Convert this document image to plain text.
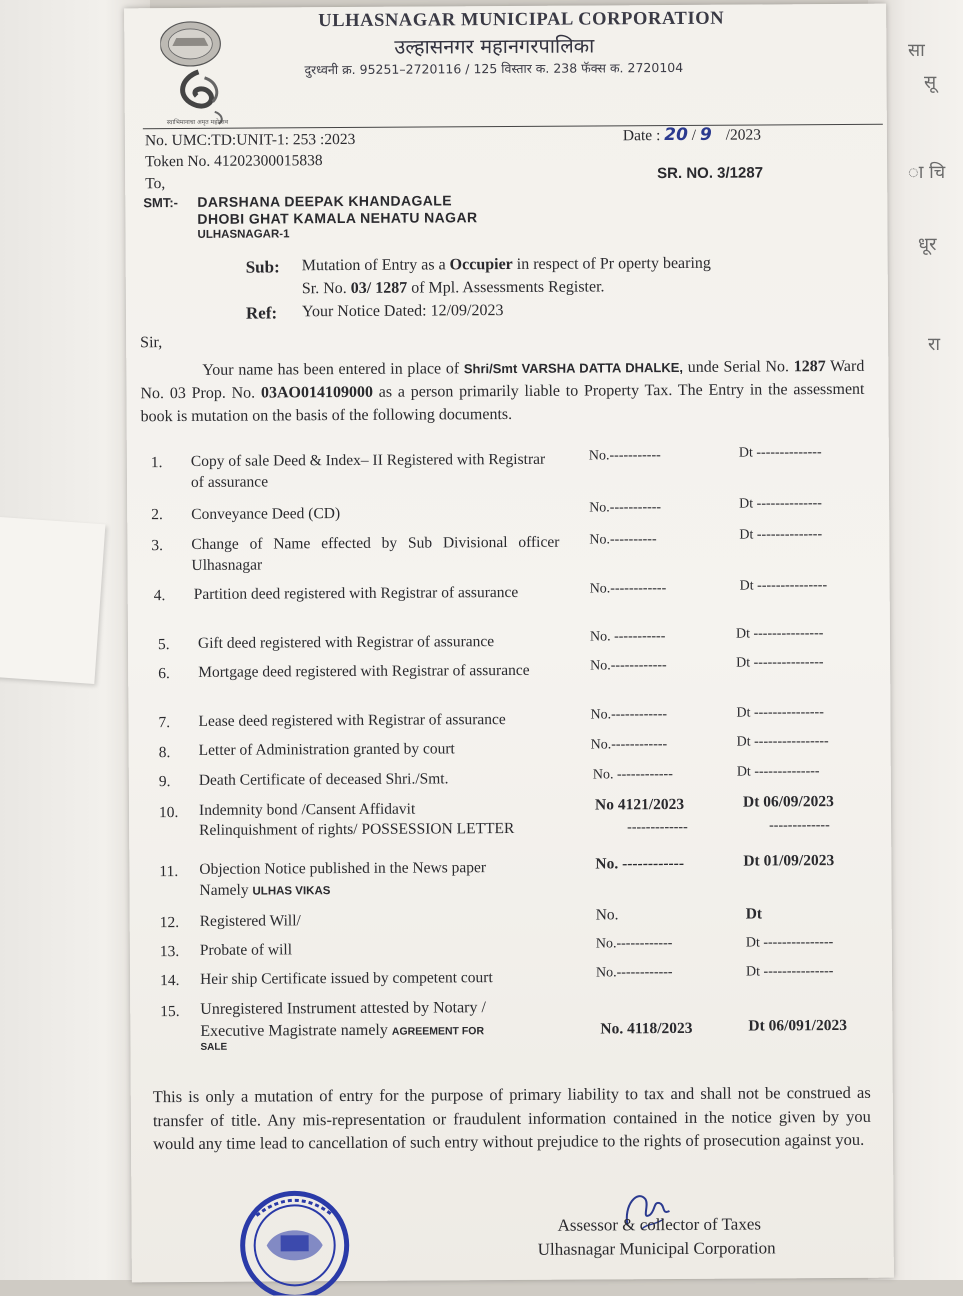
सा
सू
ा चि
धूर
रा
स्वाभिमानाचा अमृत महोत्सव
ULHASNAGAR MUNICIPAL CORPORATION
उल्हासनगर महानगरपालिका
दुरध्वनी क्र. 95251–2720116 / 125 विस्तार क. 238 फॅक्स क. 2720104
No. UMC:TD:UNIT-1: 253 :2023
Token No. 41202300015838
Date : 20 / 9 /2023
SR. NO. 3/1287
To,
SMT:- DARSHANA DEEPAK KHANDAGALE
DHOBI GHAT KAMALA NEHATU NAGAR
ULHASNAGAR-1
Sub: Mutation of Entry as a Occupier in respect of Pr operty bearing
Sr. No. 03/ 1287 of Mpl. Assessments Register.
Ref: Your Notice Dated: 12/09/2023
Sir,
Your name has been entered in place of Shri/Smt VARSHA DATTA DHALKE, unde Serial No. 1287 Ward No. 03 Prop. No. 03AO014109000 as a person primarily liable to Property Tax. The Entry in the assessment book is mutation on the basis of the following documents.
1. Copy of sale Deed & Index– II Registered with Registrar of assurance
No.-----------	Dt --------------
2. Conveyance Deed (CD)	No.-----------	Dt --------------
3. Change of Name effected by Sub Divisional officer Ulhasnagar
No.----------	Dt --------------
4. Partition deed registered with Registrar of assurance	No.------------	Dt ---------------
5. Gift deed registered with Registrar of assurance	No. -----------	Dt ---------------
6. Mortgage deed registered with Registrar of assurance	No.------------	Dt ---------------
7. Lease deed registered with Registrar of assurance	No.------------	Dt ---------------
8. Letter of Administration granted by court	No.------------	Dt ----------------
9. Death Certificate of deceased Shri./Smt.	No. ------------	Dt --------------
10. Indemnity bond /Cansent Affidavit
Relinquishment of rights/ POSSESSION LETTER
No 4121/2023	Dt 06/09/2023
-------------	-------------
11. Objection Notice published in the News paper
Namely ULHAS VIKAS
No. ------------	Dt 01/09/2023
12. Registered Will/	No.	Dt
13. Probate of will	No.------------	Dt ---------------
14. Heir ship Certificate issued by competent court	No.------------	Dt ---------------
15. Unregistered Instrument attested by Notary /
Executive Magistrate namely AGREEMENT FOR
SALE
No. 4118/2023	Dt 06/091/2023
This is only a mutation of entry for the purpose of primary liability to tax and shall not be construed as transfer of title. Any mis-representation or fraudulent information contained in the notice given by you would any time lead to cancellation of such entry without prejudice to the rights of prosecution against you.
Assessor & collector of Taxes
Ulhasnagar Municipal Corporation
